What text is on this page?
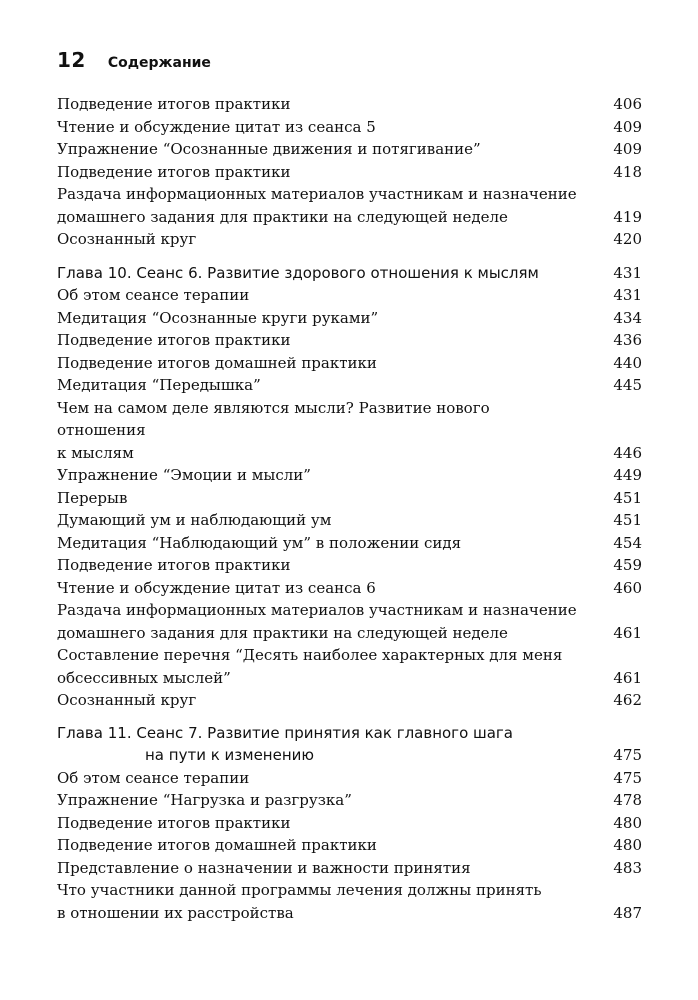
12 Содержание
Подведение итогов практики	406
Чтение и обсуждение цитат из сеанса 5	409
Упражнение “Осознанные движения и потягивание”	409
Подведение итогов практики	418
Раздача информационных материалов участникам и назначение
домашнего задания для практики на следующей неделе	419
Осознанный круг	420
Глава 10. Сеанс 6. Развитие здорового отношения к мыслям	431
Об этом сеансе терапии	431
Медитация “Осознанные круги руками”	434
Подведение итогов практики	436
Подведение итогов домашней практики	440
Медитация “Передышка”	445
Чем на самом деле являются мысли? Развитие нового отношения
к мыслям	446
Упражнение “Эмоции и мысли”	449
Перерыв	451
Думающий ум и наблюдающий ум	451
Медитация “Наблюдающий ум” в положении сидя	454
Подведение итогов практики	459
Чтение и обсуждение цитат из сеанса 6	460
Раздача информационных материалов участникам и назначение
домашнего задания для практики на следующей неделе	461
Составление перечня “Десять наиболее характерных для меня
обсессивных мыслей”	461
Осознанный круг	462
Глава 11. Сеанс 7. Развитие принятия как главного шага

на пути к изменению	475
Об этом сеансе терапии	475
Упражнение “Нагрузка и разгрузка”	478
Подведение итогов практики	480
Подведение итогов домашней практики	480
Представление о назначении и важности принятия	483
Что участники данной программы лечения должны принять
в отношении их расстройства	487
